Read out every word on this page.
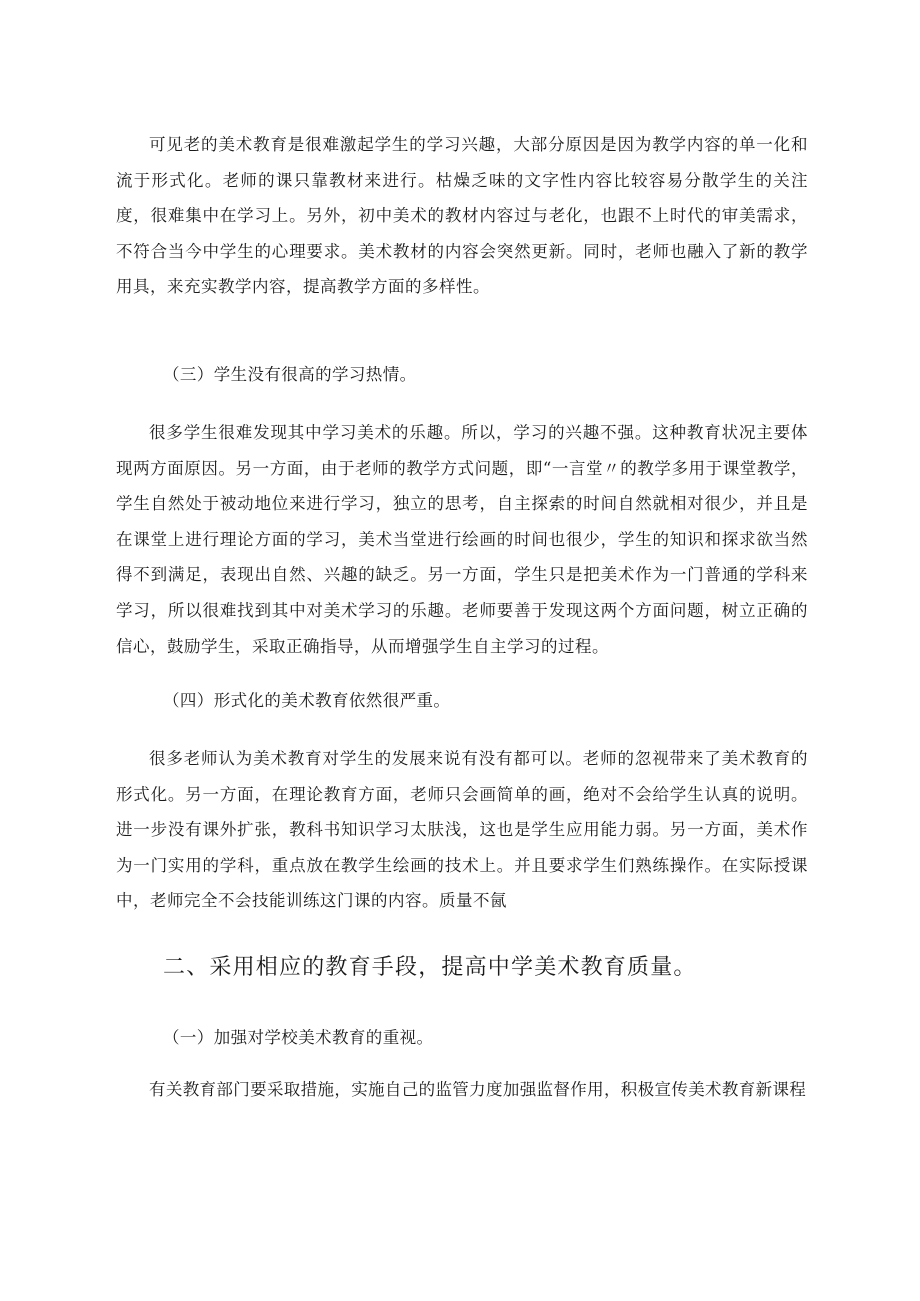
可见老的美术教育是很难激起学生的学习兴趣，大部分原因是因为教学内容的单一化和流于形式化。老师的课只靠教材来进行。枯燥乏味的文字性内容比较容易分散学生的关注度，很难集中在学习上。另外，初中美术的教材内容过与老化，也跟不上时代的审美需求，不符合当今中学生的心理要求。美术教材的内容会突然更新。同时，老师也融入了新的教学用具，来充实教学内容，提高教学方面的多样性。

（三）学生没有很高的学习热情。

很多学生很难发现其中学习美术的乐趣。所以，学习的兴趣不强。这种教育状况主要体现两方面原因。另一方面，由于老师的教学方式问题，即“一言堂〃的教学多用于课堂教学，学生自然处于被动地位来进行学习，独立的思考，自主探索的时间自然就相对很少，并且是在课堂上进行理论方面的学习，美术当堂进行绘画的时间也很少，学生的知识和探求欲当然得不到满足，表现出自然、兴趣的缺乏。另一方面，学生只是把美术作为一门普通的学科来学习，所以很难找到其中对美术学习的乐趣。老师要善于发现这两个方面问题，树立正确的信心，鼓励学生，采取正确指导，从而增强学生自主学习的过程。

（四）形式化的美术教育依然很严重。

很多老师认为美术教育对学生的发展来说有没有都可以。老师的忽视带来了美术教育的形式化。另一方面，在理论教育方面，老师只会画简单的画，绝对不会给学生认真的说明。进一步没有课外扩张，教科书知识学习太肤浅，这也是学生应用能力弱。另一方面，美术作为一门实用的学科，重点放在教学生绘画的技术上。并且要求学生们熟练操作。在实际授课中，老师完全不会技能训练这门课的内容。质量不氤

二、采用相应的教育手段，提高中学美术教育质量。

（一）加强对学校美术教育的重视。

有关教育部门要采取措施，实施自己的监管力度加强监督作用，积极宣传美术教育新课程
